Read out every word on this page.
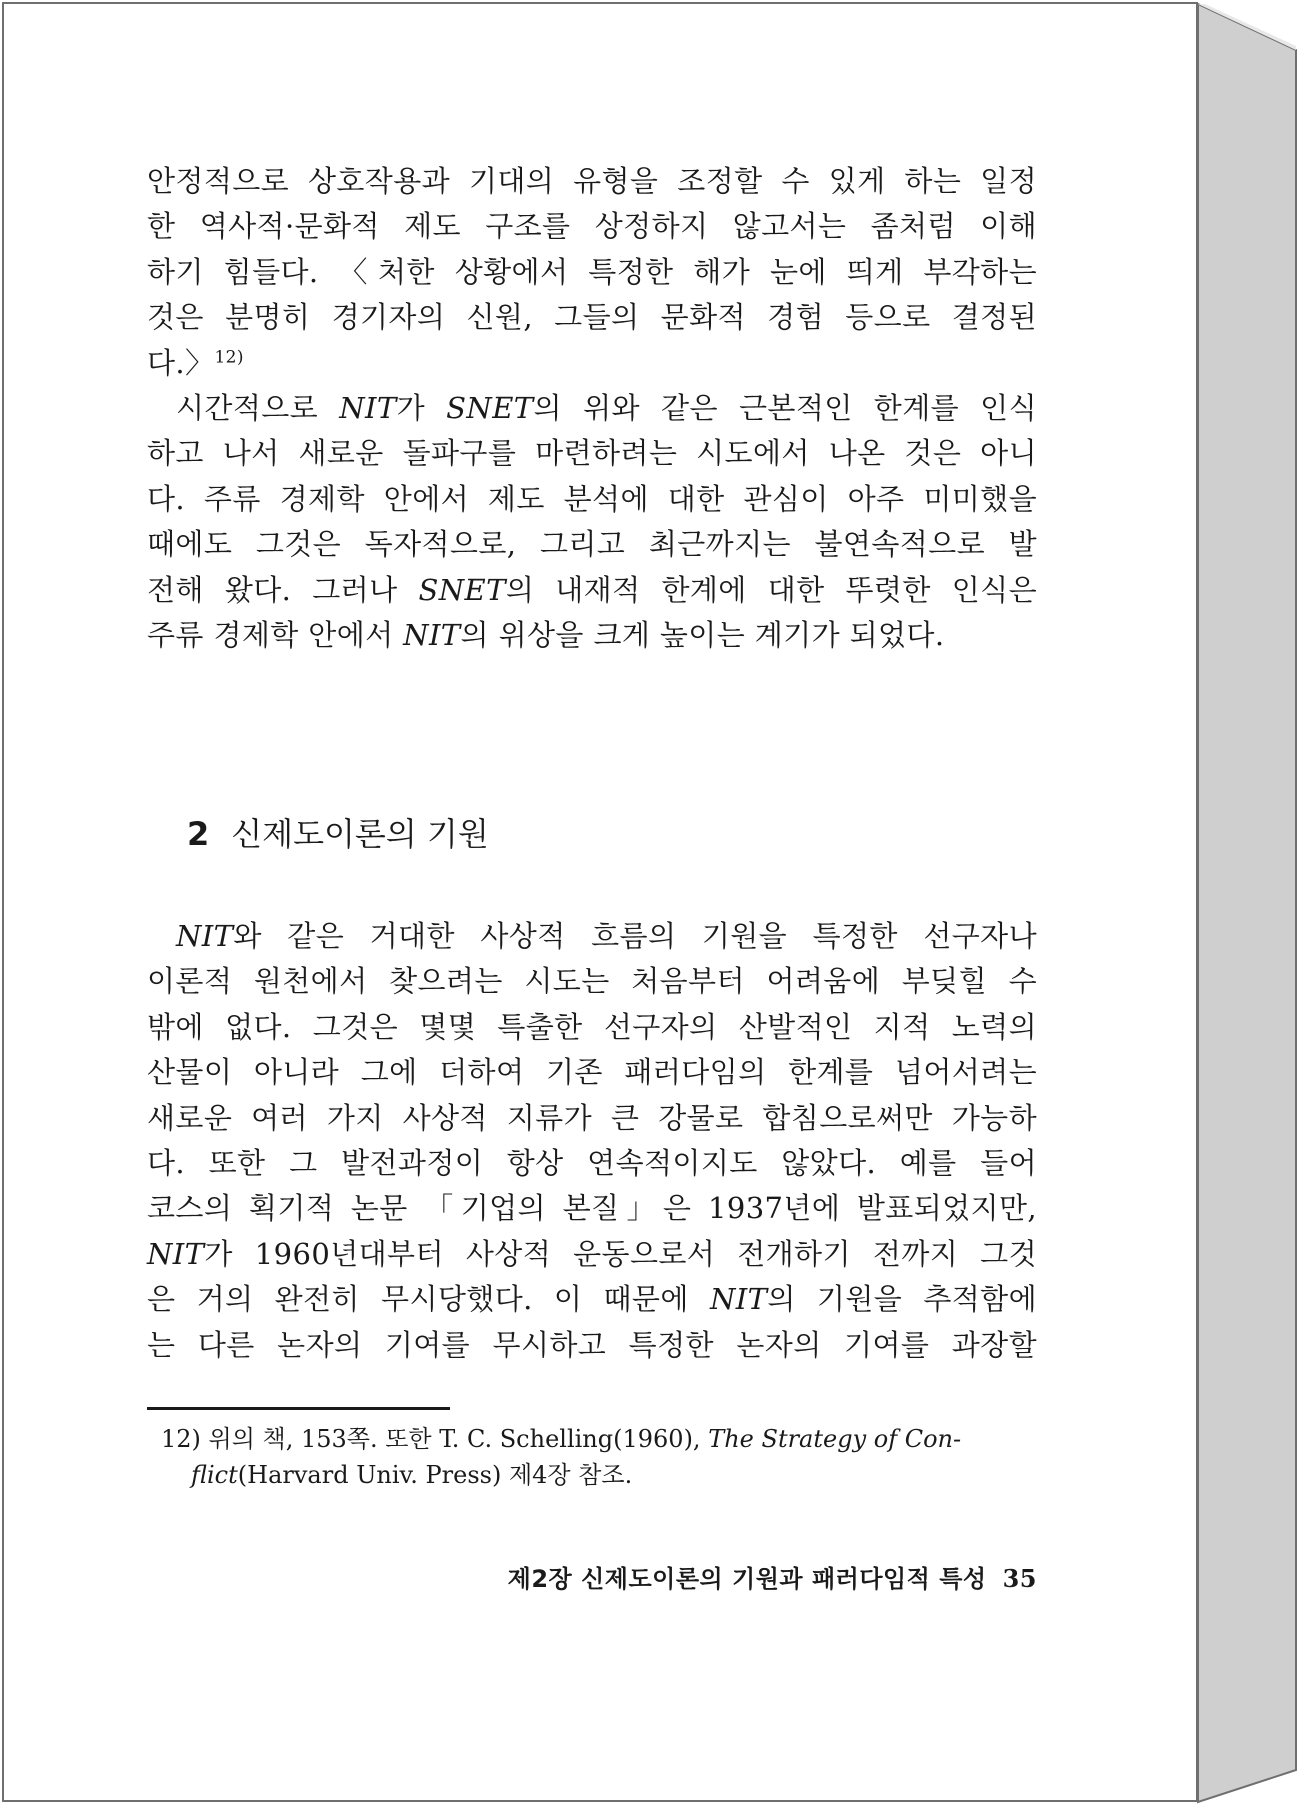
안정적으로 상호작용과 기대의 유형을 조정할 수 있게 하는 일정

한 역사적·문화적 제도 구조를 상정하지 않고서는 좀처럼 이해

하기 힘들다. 〈처한 상황에서 특정한 해가 눈에 띄게 부각하는

것은 분명히 경기자의 신원, 그들의 문화적 경험 등으로 결정된

다.〉$^{12)}$

시간적으로 NIT가 SNET의 위와 같은 근본적인 한계를 인식

하고 나서 새로운 돌파구를 마련하려는 시도에서 나온 것은 아니

다. 주류 경제학 안에서 제도 분석에 대한 관심이 아주 미미했을

때에도 그것은 독자적으로, 그리고 최근까지는 불연속적으로 발

전해 왔다. 그러나 SNET의 내재적 한계에 대한 뚜렷한 인식은

주류 경제학 안에서 NIT의 위상을 크게 높이는 계기가 되었다.

2 신제도이론의 기원

NIT와 같은 거대한 사상적 흐름의 기원을 특정한 선구자나

이론적 원천에서 찾으려는 시도는 처음부터 어려움에 부딪힐 수

밖에 없다. 그것은 몇몇 특출한 선구자의 산발적인 지적 노력의

산물이 아니라 그에 더하여 기존 패러다임의 한계를 넘어서려는

새로운 여러 가지 사상적 지류가 큰 강물로 합침으로써만 가능하

다. 또한 그 발전과정이 항상 연속적이지도 않았다. 예를 들어

코스의 획기적 논문 「기업의 본질」은 1937년에 발표되었지만,

NIT가 1960년대부터 사상적 운동으로서 전개하기 전까지 그것

은 거의 완전히 무시당했다. 이 때문에 NIT의 기원을 추적함에

는 다른 논자의 기여를 무시하고 특정한 논자의 기여를 과장할

12) 위의 책, 153쪽. 또한 T. C. Schelling(1960), The Strategy of Con-
flict(Harvard Univ. Press) 제4장 참조.
제2장 신제도이론의 기원과 패러다임적 특성 35
